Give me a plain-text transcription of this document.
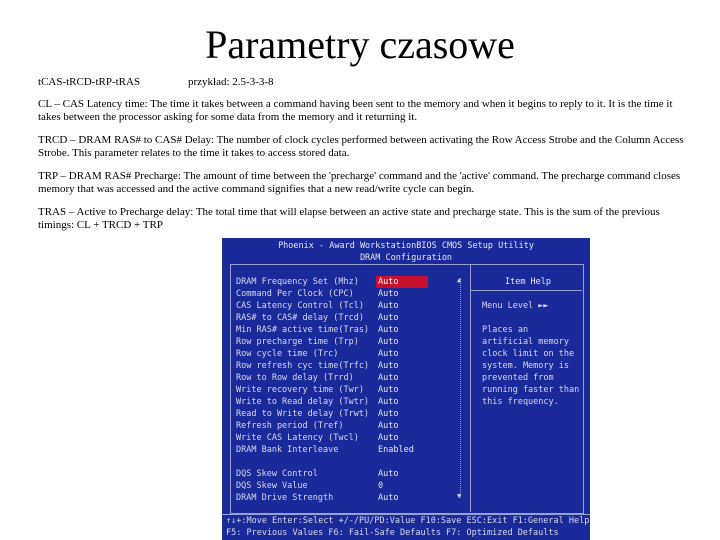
Parametry czasowe
tCAS-tRCD-tRP-tRAS	przykład: 2.5-3-3-8
CL – CAS Latency time: The time it takes between a command having been sent to the memory and when it begins to reply to it. It is the time it takes between the processor asking for some data from the memory and it returning it.
TRCD – DRAM RAS# to CAS# Delay: The number of clock cycles performed between activating the Row Access Strobe and the Column Access Strobe. This parameter relates to the time it takes to access stored data.
TRP – DRAM RAS# Precharge: The amount of time between the 'precharge' command and the 'active' command. The precharge command closes memory that was accessed and the active command signifies that a new read/write cycle can begin.
TRAS – Active to Precharge delay: The total time that will elapse between an active state and precharge state. This is the sum of the previous timings: CL + TRCD + TRP
Phoenix - Award WorkstationBIOS CMOS Setup Utility
DRAM Configuration
DRAM Frequency Set (Mhz) Auto
Command Per Clock (CPC)	Auto
CAS Latency Control (Tcl) Auto
RAS# to CAS# delay (Trcd) Auto
Min RAS# active time(Tras) Auto
Row precharge time (Trp) Auto
Row cycle time (Trc)	Auto
Row refresh cyc time(Trfc) Auto
Row to Row delay (Trrd)	Auto
Write recovery time (Twr) Auto
Write to Read delay (Twtr) Auto
Read to Write delay (Trwt) Auto
Refresh period (Tref)	Auto
Write CAS Latency (Twcl) Auto
DRAM Bank Interleave	Enabled
DQS Skew Control	Auto
DQS Skew Value	0
DRAM Drive Strength	Auto
▲
▼
Item Help
Menu Level ►►
Places an artificial memory clock limit on the system. Memory is prevented from running faster than this frequency.
↑↓+:Move Enter:Select +/-/PU/PD:Value F10:Save ESC:Exit F1:General Help
F5: Previous Values F6: Fail-Safe Defaults F7: Optimized Defaults
